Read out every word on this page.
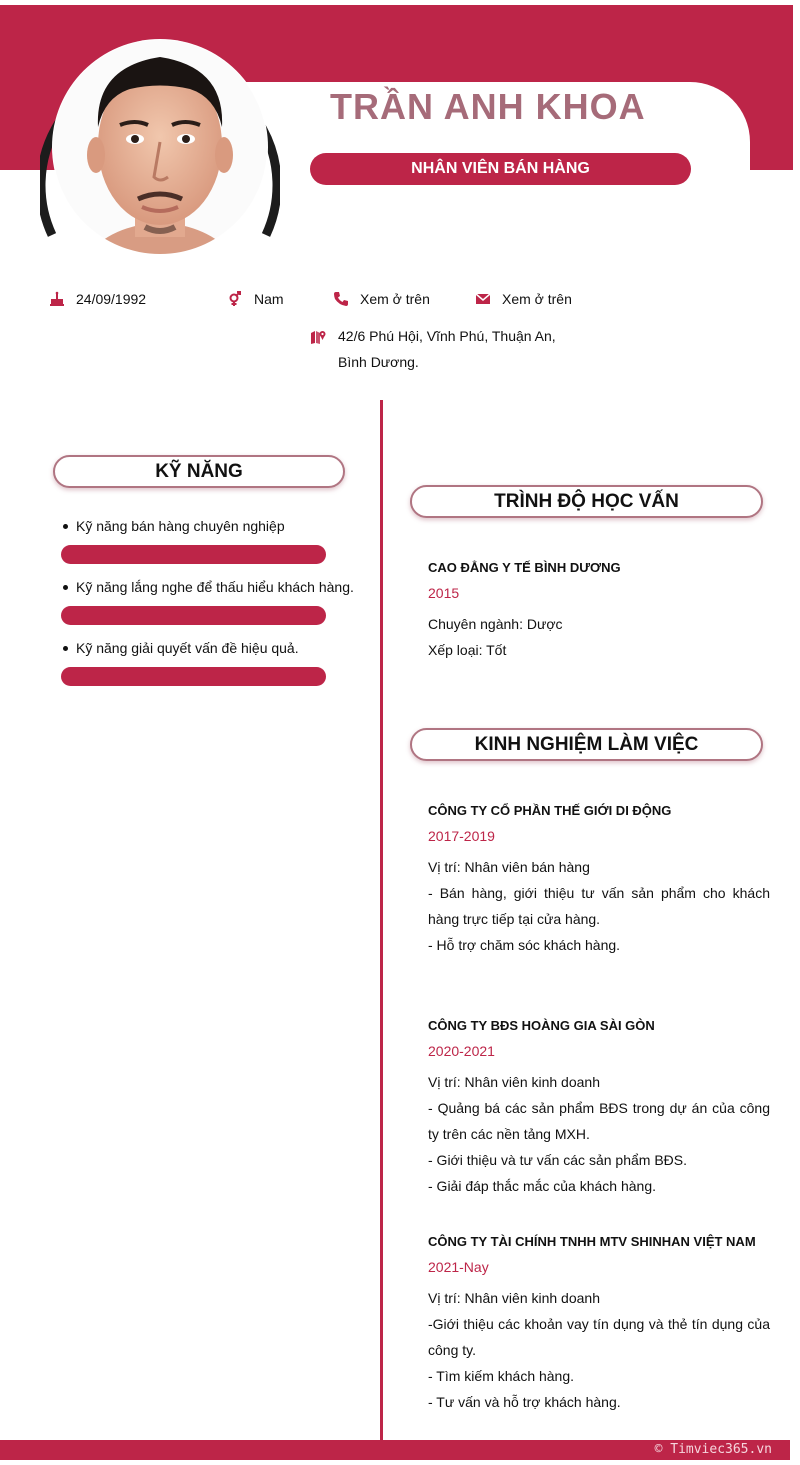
TRẦN ANH KHOA
NHÂN VIÊN BÁN HÀNG
24/09/1992	Nam	Xem ở trên	Xem ở trên
42/6 Phú Hội, Vĩnh Phú, Thuận An, Bình Dương.
KỸ NĂNG
Kỹ năng bán hàng chuyên nghiệp
Kỹ năng lắng nghe để thấu hiểu khách hàng.
Kỹ năng giải quyết vấn đề hiệu quả.
TRÌNH ĐỘ HỌC VẤN
CAO ĐẲNG Y TẾ BÌNH DƯƠNG
2015
Chuyên ngành: Dược
Xếp loại: Tốt
KINH NGHIỆM LÀM VIỆC
CÔNG TY CỔ PHẦN THẾ GIỚI DI ĐỘNG
2017-2019
Vị trí: Nhân viên bán hàng
- Bán hàng, giới thiệu tư vấn sản phẩm cho khách hàng trực tiếp tại cửa hàng.
- Hỗ trợ chăm sóc khách hàng.
CÔNG TY BĐS HOÀNG GIA SÀI GÒN
2020-2021
Vị trí: Nhân viên kinh doanh
- Quảng bá các sản phẩm BĐS trong dự án của công ty trên các nền tảng MXH.
- Giới thiệu và tư vấn các sản phẩm BĐS.
- Giải đáp thắc mắc của khách hàng.
CÔNG TY TÀI CHÍNH TNHH MTV SHINHAN VIỆT NAM
2021-Nay
Vị trí: Nhân viên kinh doanh
-Giới thiệu các khoản vay tín dụng và thẻ tín dụng của công ty.
- Tìm kiếm khách hàng.
- Tư vấn và hỗ trợ khách hàng.
© Timviec365.vn
